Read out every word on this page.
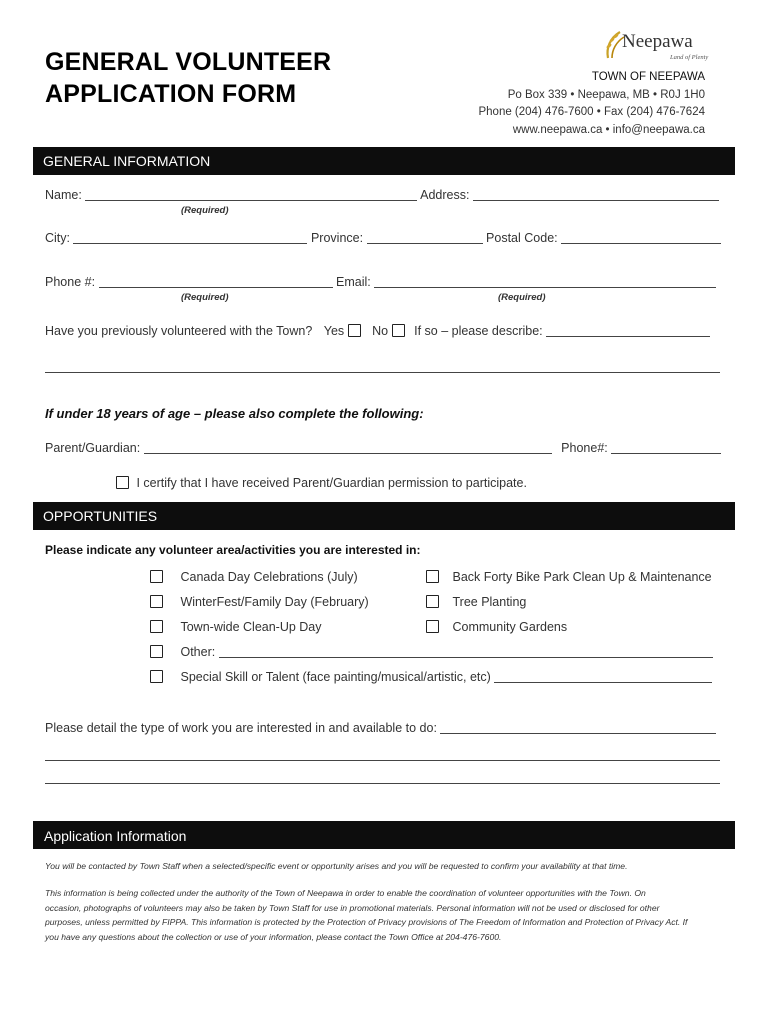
GENERAL VOLUNTEER
APPLICATION FORM
Neepawa
Land of Plenty
TOWN OF NEEPAWA
Po Box 339 • Neepawa, MB • R0J 1H0
Phone (204) 476-7600 • Fax (204) 476-7624
www.neepawa.ca • info@neepawa.ca
GENERAL INFORMATION
Name:	Address:
(Required)
City:	Province:	Postal Code:
Phone #:	Email:
(Required)	(Required)
Have you previously volunteered with the Town? Yes No If so – please describe:
If under 18 years of age – please also complete the following:
Parent/Guardian:	Phone#:
I certify that I have received Parent/Guardian permission to participate.
OPPORTUNITIES
Please indicate any volunteer area/activities you are interested in:
Canada Day Celebrations (July)
WinterFest/Family Day (February)
Town-wide Clean-Up Day
Back Forty Bike Park Clean Up & Maintenance
Tree Planting
Community Gardens
Other:
Special Skill or Talent (face painting/musical/artistic, etc)
Please detail the type of work you are interested in and available to do:
Application Information
You will be contacted by Town Staff when a selected/specific event or opportunity arises and you will be requested to confirm your availability at that time.
This information is being collected under the authority of the Town of Neepawa in order to enable the coordination of volunteer opportunities with the Town. On
occasion, photographs of volunteers may also be taken by Town Staff for use in promotional materials. Personal information will not be used or disclosed for other
purposes, unless permitted by FIPPA. This information is protected by the Protection of Privacy provisions of The Freedom of Information and Protection of Privacy Act. If
you have any questions about the collection or use of your information, please contact the Town Office at 204-476-7600.
